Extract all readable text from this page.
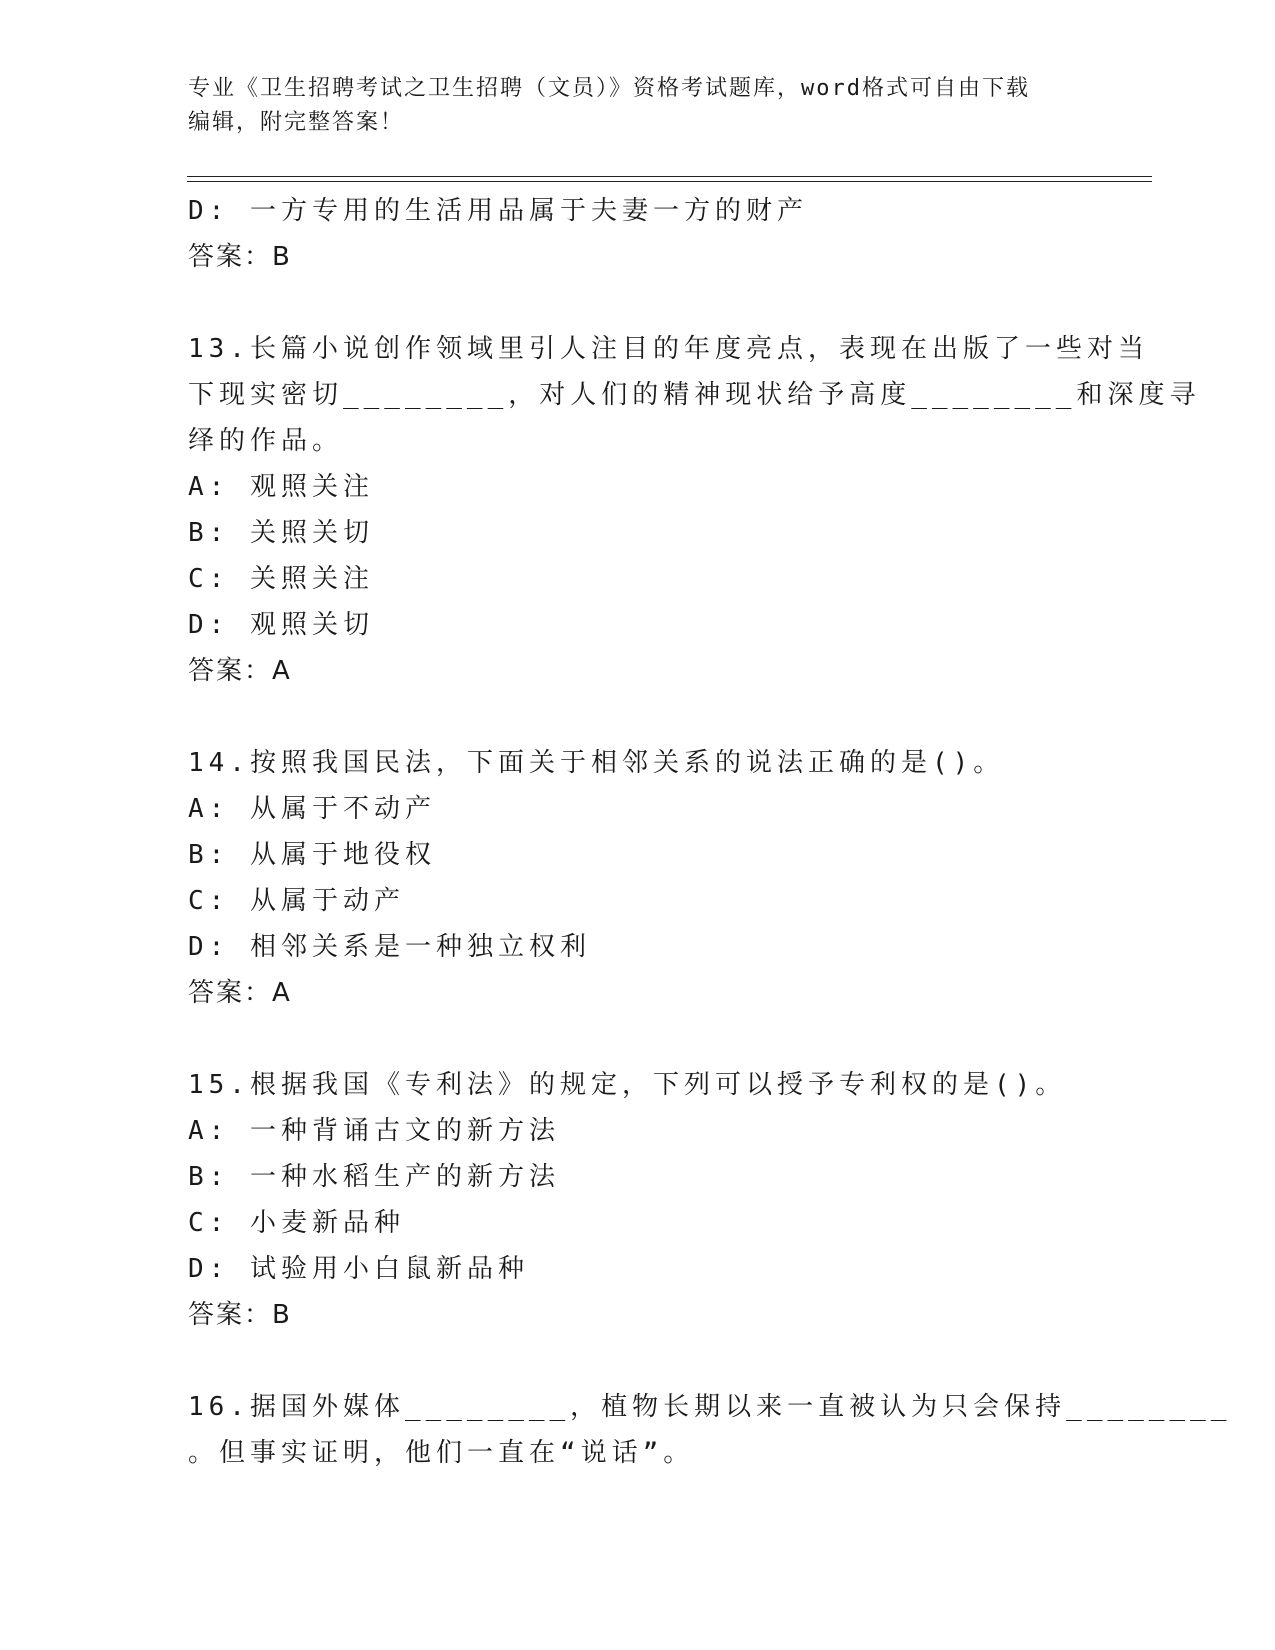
专业《卫生招聘考试之卫生招聘（文员）》资格考试题库，word格式可自由下载
编辑，附完整答案！
D: 一方专用的生活用品属于夫妻一方的财产
答案：B
13.长篇小说创作领域里引人注目的年度亮点，表现在出版了一些对当
下现实密切________，对人们的精神现状给予高度________和深度寻
绎的作品。
A: 观照关注
B: 关照关切
C: 关照关注
D: 观照关切
答案：A
14.按照我国民法，下面关于相邻关系的说法正确的是()。
A: 从属于不动产
B: 从属于地役权
C: 从属于动产
D: 相邻关系是一种独立权利
答案：A
15.根据我国《专利法》的规定，下列可以授予专利权的是()。
A: 一种背诵古文的新方法
B: 一种水稻生产的新方法
C: 小麦新品种
D: 试验用小白鼠新品种
答案：B
16.据国外媒体________，植物长期以来一直被认为只会保持________
。但事实证明，他们一直在“说话”。
